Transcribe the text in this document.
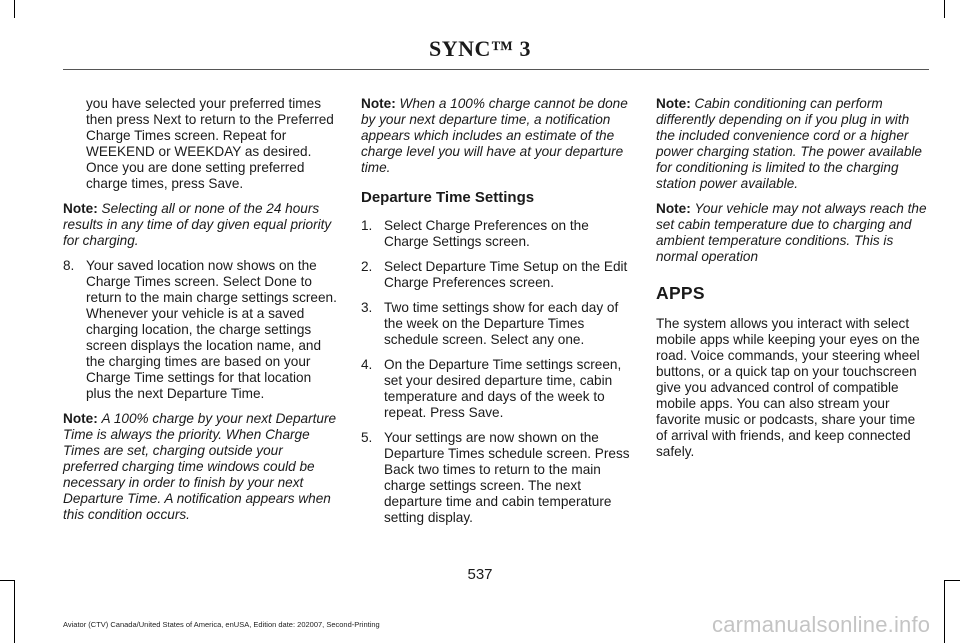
SYNC™ 3
you have selected your preferred times then press Next to return to the Preferred Charge Times screen. Repeat for WEEKEND or WEEKDAY as desired. Once you are done setting preferred charge times, press Save.
Note: Selecting all or none of the 24 hours results in any time of day given equal priority for charging.
8. Your saved location now shows on the Charge Times screen. Select Done to return to the main charge settings screen. Whenever your vehicle is at a saved charging location, the charge settings screen displays the location name, and the charging times are based on your Charge Time settings for that location plus the next Departure Time.
Note: A 100% charge by your next Departure Time is always the priority. When Charge Times are set, charging outside your preferred charging time windows could be necessary in order to finish by your next Departure Time. A notification appears when this condition occurs.
Note: When a 100% charge cannot be done by your next departure time, a notification appears which includes an estimate of the charge level you will have at your departure time.
Departure Time Settings
1. Select Charge Preferences on the Charge Settings screen.
2. Select Departure Time Setup on the Edit Charge Preferences screen.
3. Two time settings show for each day of the week on the Departure Times schedule screen. Select any one.
4. On the Departure Time settings screen, set your desired departure time, cabin temperature and days of the week to repeat. Press Save.
5. Your settings are now shown on the Departure Times schedule screen. Press Back two times to return to the main charge settings screen. The next departure time and cabin temperature setting display.
Note: Cabin conditioning can perform differently depending on if you plug in with the included convenience cord or a higher power charging station. The power available for conditioning is limited to the charging station power available.
Note: Your vehicle may not always reach the set cabin temperature due to charging and ambient temperature conditions. This is normal operation
APPS
The system allows you interact with select mobile apps while keeping your eyes on the road. Voice commands, your steering wheel buttons, or a quick tap on your touchscreen give you advanced control of compatible mobile apps. You can also stream your favorite music or podcasts, share your time of arrival with friends, and keep connected safely.
537
Aviator (CTV) Canada/United States of America, enUSA, Edition date: 202007, Second-Printing	carmanualsonline.info
